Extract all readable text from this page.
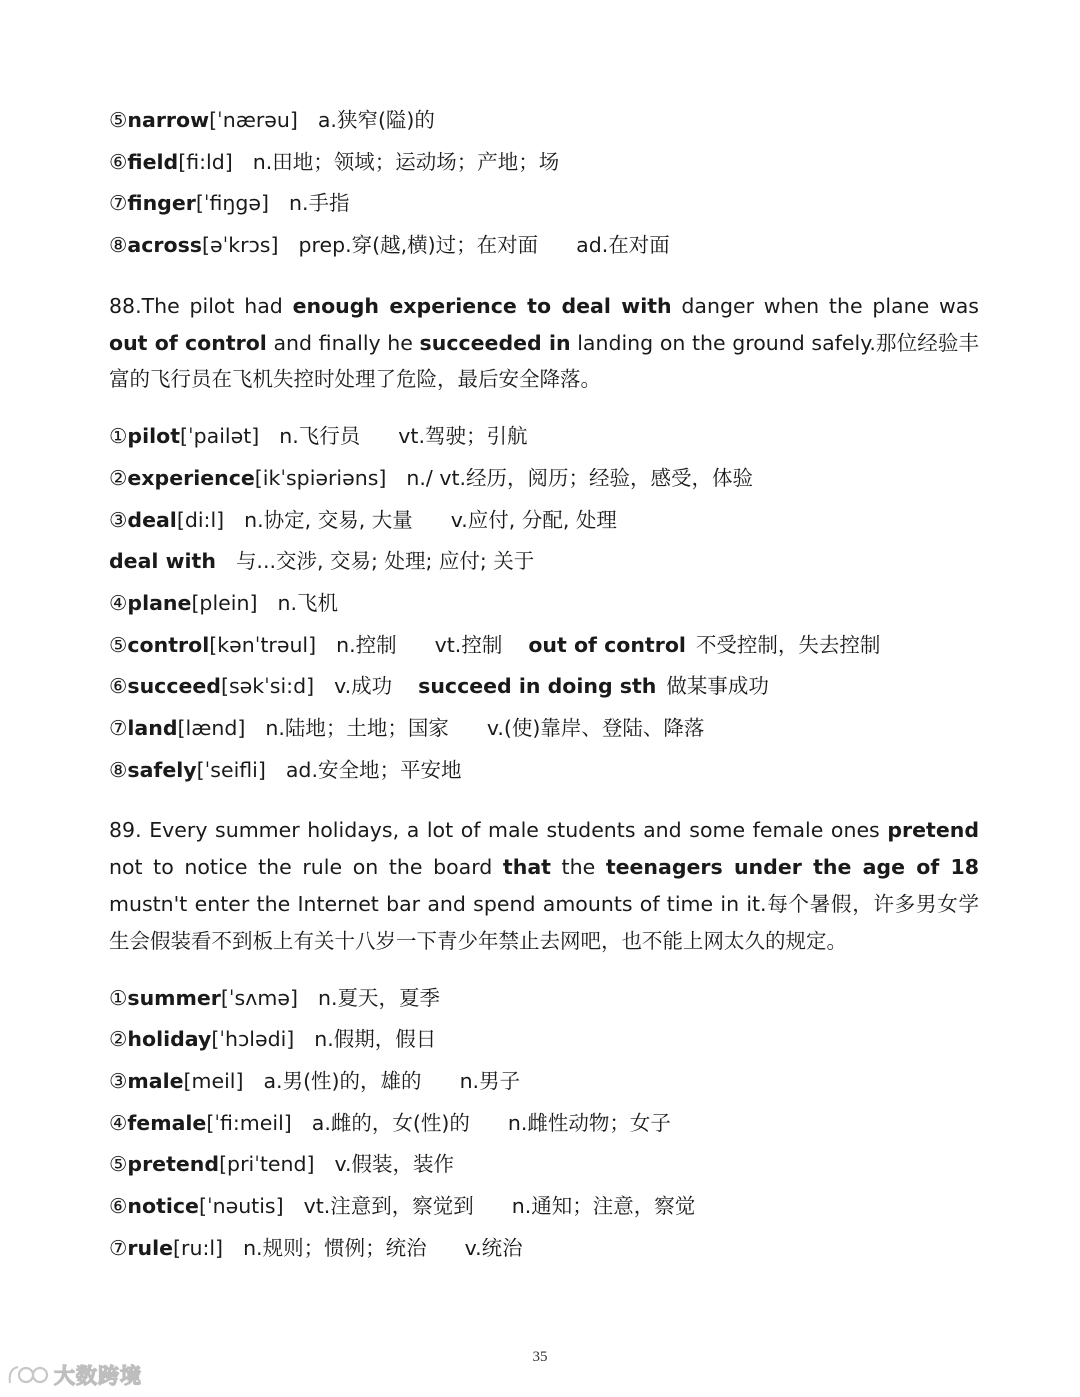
⑤narrow[ˈnærəu] a.狭窄(隘)的
⑥field[fi:ld] n.田地；领域；运动场；产地；场
⑦finger[ˈfiŋgə] n.手指
⑧across[əˈkrɔs] prep.穿(越,横)过；在对面 ad.在对面

88.The pilot had enough experience to deal with danger when the plane was out of control and finally he succeeded in landing on the ground safely.那位经验丰富的飞行员在飞机失控时处理了危险，最后安全降落。

①pilot[ˈpailət] n.飞行员 vt.驾驶；引航
②experience[ikˈspiəriəns] n./ vt.经历，阅历；经验，感受，体验
③deal[di:l] n.协定, 交易, 大量 v.应付, 分配, 处理
deal with 与...交涉, 交易; 处理; 应付; 关于
④plane[plein] n.飞机
⑤control[kənˈtrəul] n.控制 vt.控制 out of control 不受控制，失去控制
⑥succeed[səkˈsi:d] v.成功 succeed in doing sth 做某事成功
⑦land[lænd] n.陆地；土地；国家 v.(使)靠岸、登陆、降落
⑧safely[ˈseifli] ad.安全地；平安地

89. Every summer holidays, a lot of male students and some female ones pretend not to notice the rule on the board that the teenagers under the age of 18 mustn't enter the Internet bar and spend amounts of time in it.每个暑假，许多男女学生会假装看不到板上有关十八岁一下青少年禁止去网吧，也不能上网太久的规定。

①summer[ˈsʌmə] n.夏天，夏季
②holiday[ˈhɔlədi] n.假期，假日
③male[meil] a.男(性)的，雄的 n.男子
④female[ˈfi:meil] a.雌的，女(性)的 n.雌性动物；女子
⑤pretend[priˈtend] v.假装，装作
⑥notice[ˈnəutis] vt.注意到，察觉到 n.通知；注意，察觉
⑦rule[ru:l] n.规则；惯例；统治 v.统治
35
大数跨境
